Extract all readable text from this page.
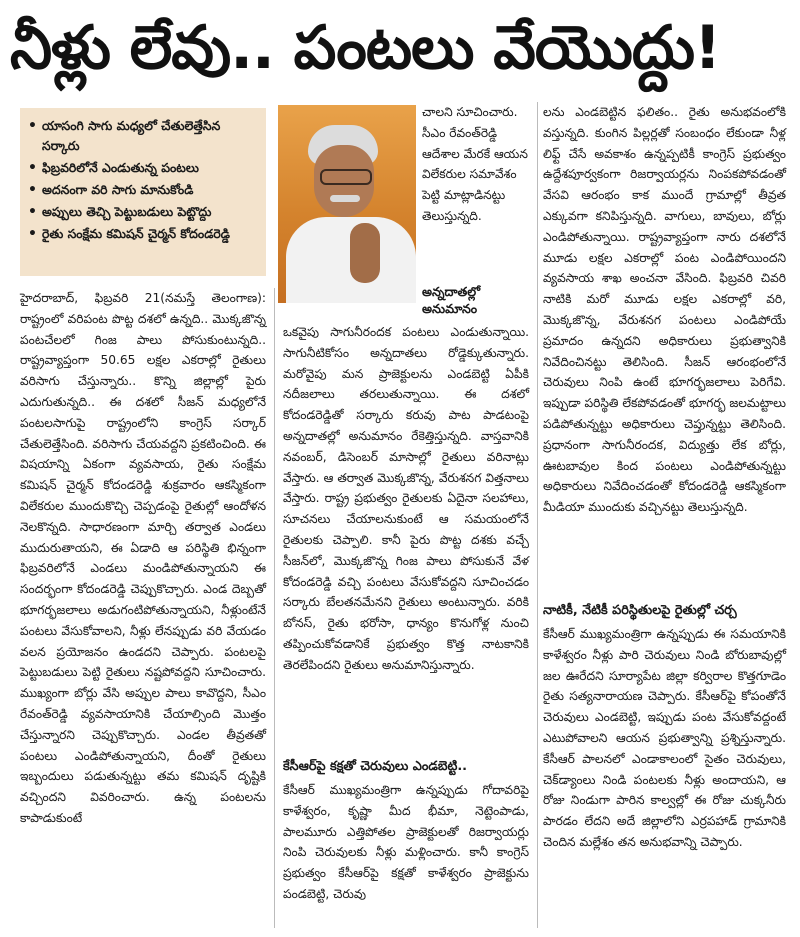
నీళ్లు లేవు.. పంటలు వేయొద్దు!
• యాసంగి సాగు మధ్యలో చేతులెత్తేసిన సర్కారు
• ఫిబ్రవరిలోనే ఎండుతున్న పంటలు
• అదనంగా వరి సాగు మానుకోండి
• అప్పులు తెచ్చి పెట్టుబడులు పెట్టొద్దు
• రైతు సంక్షేమ కమిషన్ చైర్మన్ కోదండరెడ్డి
చాలని సూచించారు. సీఎం రేవంత్‌రెడ్డి ఆదేశాల మేరకే ఆయన విలేకరుల సమావేశం పెట్టి మాట్లాడినట్టు తెలుస్తున్నది.
అన్నదాతల్లో అనుమానం
హైదరాబాద్, ఫిబ్రవరి 21(నమస్తే తెలంగాణ): రాష్ట్రంలో వరిపంట పొట్ట దశలో ఉన్నది.. మొక్కజొన్న పంటచేలలో గింజ పాలు పోసుకుంటున్నది.. రాష్ట్రవ్యాప్తంగా 50.65 లక్షల ఎకరాల్లో రైతులు వరిసాగు చేస్తున్నారు.. కొన్ని జిల్లాల్లో పైరు ఎదుగుతున్నది.. ఈ దశలో సీజన్ మధ్యలోనే పంటలసాగుపై రాష్ట్రంలోని కాంగ్రెస్ సర్కార్ చేతులెత్తేసింది. వరిసాగు చేయవద్దని ప్రకటించింది. ఈ విషయాన్ని ఏకంగా వ్యవసాయ, రైతు సంక్షేమ కమిషన్ చైర్మన్ కోదండరెడ్డి శుక్రవారం ఆకస్మికంగా విలేకరుల ముందుకొచ్చి చెప్పడంపై రైతుల్లో ఆందోళన నెలకొన్నది. సాధారణంగా మార్చి తర్వాత ఎండలు ముదురుతాయని, ఈ ఏడాది ఆ పరిస్థితి భిన్నంగా ఫిబ్రవరిలోనే ఎండలు మండిపోతున్నాయని ఈ సందర్భంగా కోదండరెడ్డి చెప్పుకొచ్చారు. ఎండ దెబ్బతో భూగర్భజలాలు అడుగంటిపోతున్నాయని, నీళ్లుంటేనే పంటలు వేసుకోవాలని, నీళ్లు లేనప్పుడు వరి వేయడం వలన ప్రయోజనం ఉండదని చెప్పారు. పంటలపై పెట్టుబడులు పెట్టి రైతులు నష్టపోవద్దని సూచించారు. ముఖ్యంగా బోర్లు వేసి అప్పుల పాలు కావొద్దని, సీఎం రేవంత్‌రెడ్డి వ్యవసాయానికి చేయాల్సింది మొత్తం చేస్తున్నారని చెప్పుకొచ్చారు. ఎండల తీవ్రతతో పంటలు ఎండిపోతున్నాయని, దీంతో రైతులు ఇబ్బందులు పడుతున్నట్టు తమ కమిషన్ దృష్టికి వచ్చిందని వివరించారు. ఉన్న పంటలను కాపాడుకుంటే
ఒకవైపు సాగునీరందక పంటలు ఎండుతున్నాయి. సాగునీటికోసం అన్నదాతలు రోడ్డెక్కుతున్నారు. మరోవైపు మన ప్రాజెక్టులను ఎండబెట్టి ఏపీకి నదీజలాలు తరలుతున్నాయి. ఈ దశలో కోదండరెడ్డితో సర్కారు కరువు పాట పాడటంపై అన్నదాతల్లో అనుమానం రేకెత్తిస్తున్నది. వాస్తవానికి నవంబర్, డిసెంబర్ మాసాల్లో రైతులు వరినాట్లు వేస్తారు. ఆ తర్వాత మొక్కజొన్న, వేరుశనగ విత్తనాలు వేస్తారు. రాష్ట్ర ప్రభుత్వం రైతులకు ఏదైనా సలహాలు, సూచనలు చేయాలనుకుంటే ఆ సమయంలోనే రైతులకు చెప్పాలి. కానీ పైరు పొట్ట దశకు వచ్చే సీజన్‌లో, మొక్కజొన్న గింజ పాలు పోసుకునే వేళ కోదండరెడ్డి వచ్చి పంటలు వేసుకోవద్దని సూచించడం సర్కారు బేలతనమేనని రైతులు అంటున్నారు. వరికి బోనస్, రైతు భరోసా, ధాన్యం కొనుగోళ్ల నుంచి తప్పించుకోవడానికే ప్రభుత్వం కొత్త నాటకానికి తెరలేపిందని రైతులు అనుమానిస్తున్నారు.
కేసీఆర్‌పై కక్షతో చెరువులు ఎండబెట్టి..
కేసీఆర్ ముఖ్యమంత్రిగా ఉన్నప్పుడు గోదావరిపై కాళేశ్వరం, కృష్ణా మీద భీమా, నెట్టెంపాడు, పాలమూరు ఎత్తిపోతల ప్రాజెక్టులతో రిజర్వాయర్లు నింపి చెరువులకు నీళ్లు మళ్లించారు. కానీ కాంగ్రెస్ ప్రభుత్వం కేసీఆర్‌పై కక్షతో కాళేశ్వరం ప్రాజెక్టును పండబెట్టి, చెరువు
లను ఎండబెట్టిన ఫలితం.. రైతు అనుభవంలోకి వస్తున్నది. కుంగిన పిల్లర్లతో సంబంధం లేకుండా నీళ్ల లిఫ్ట్ చేసే అవకాశం ఉన్నప్పటికీ కాంగ్రెస్ ప్రభుత్వం ఉద్దేశపూర్వకంగా రిజర్వాయర్లను నింపకపోవడంతో వేసవి ఆరంభం కాక ముందే గ్రామాల్లో తీవ్రత ఎక్కువగా కనిపిస్తున్నది. వాగులు, బావులు, బోర్లు ఎండిపోతున్నాయి. రాష్ట్రవ్యాప్తంగా నారు దశలోనే మూడు లక్షల ఎకరాల్లో పంట ఎండిపోయిందని వ్యవసాయ శాఖ అంచనా వేసింది. ఫిబ్రవరి చివరి నాటికి మరో మూడు లక్షల ఎకరాల్లో వరి, మొక్కజొన్న, వేరుశనగ పంటలు ఎండిపోయే ప్రమాదం ఉన్నదని అధికారులు ప్రభుత్వానికి నివేదించినట్టు తెలిసింది. సీజన్ ఆరంభంలోనే చెరువులు నింపి ఉంటే భూగర్భజలాలు పెరిగేవి. ఇప్పుడా పరిస్థితి లేకపోవడంతో భూగర్భ జలమట్టాలు పడిపోతున్నట్టు అధికారులు చెప్తున్నట్టు తెలిసింది. ప్రధానంగా సాగునీరందక, విద్యుత్తు లేక బోర్లు, ఊటబావుల కింద పంటలు ఎండిపోతున్నట్టు అధికారులు నివేదించడంతో కోదండరెడ్డి ఆకస్మికంగా మీడియా ముందుకు వచ్చినట్టు తెలుస్తున్నది.
నాటికీ, నేటికీ పరిస్థితులపై రైతుల్లో చర్చ
కేసీఆర్ ముఖ్యమంత్రిగా ఉన్నప్పుడు ఈ సమయానికి కాళేశ్వరం నీళ్లు పారి చెరువులు నిండి బోరుబావుల్లో జల ఊరేదని సూర్యాపేట జిల్లా కర్విరాల కొత్తగూడెం రైతు సత్యనారాయణ చెప్పారు. కేసీఆర్‌పై కోపంతోనే చెరువులు ఎండబెట్టి, ఇప్పుడు పంట వేసుకోవద్దంటే ఎటుపోవాలని ఆయన ప్రభుత్వాన్ని ప్రశ్నిస్తున్నారు. కేసీఆర్ పాలనలో ఎండాకాలంలో సైతం చెరువులు, చెక్‌డ్యాంలు నిండి పంటలకు నీళ్లు అందాయని, ఆ రోజు నిండుగా పారిన కాల్వల్లో ఈ రోజు చుక్కనీరు పారడం లేదని అదే జిల్లాలోని ఎర్రపహాడ్ గ్రామానికి చెందిన మల్లేశం తన అనుభవాన్ని చెప్పారు.
